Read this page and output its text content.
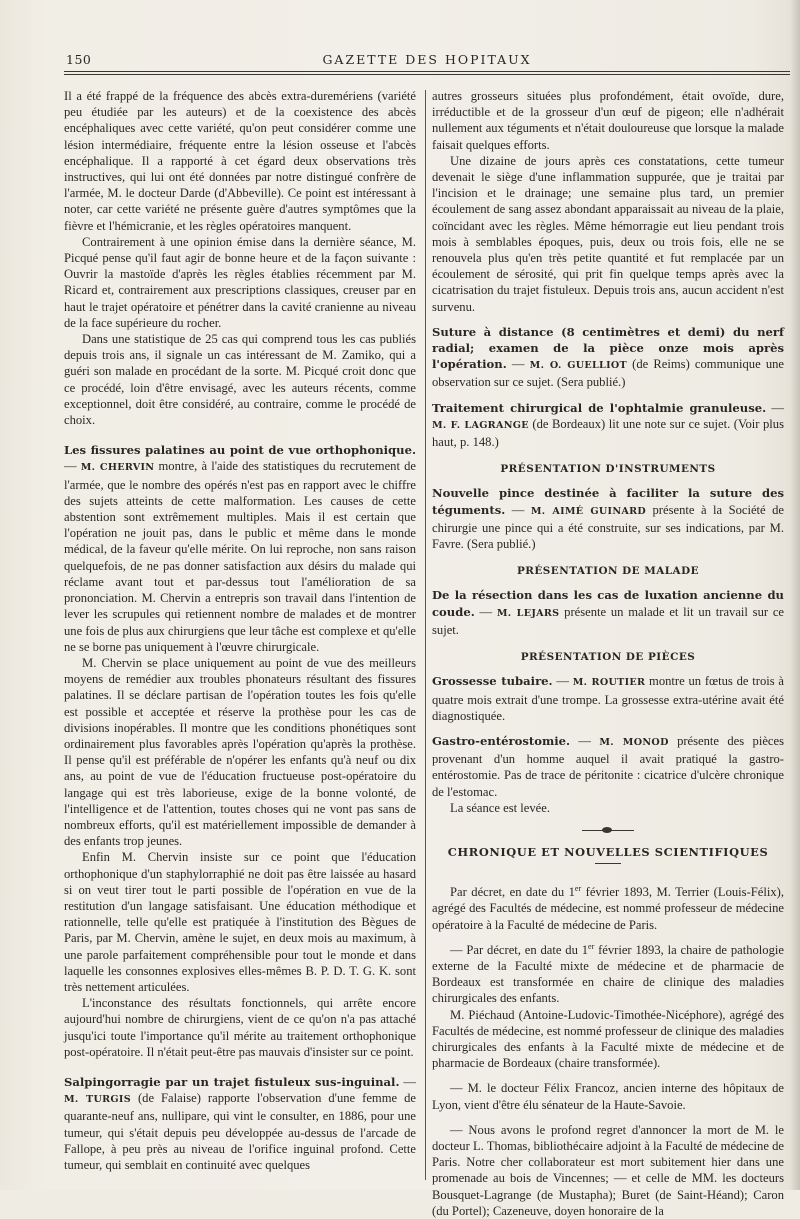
150	GAZETTE DES HOPITAUX

Il a été frappé de la fréquence des abcès extra-duremériens (variété peu étudiée par les auteurs) et de la coexistence des abcès encéphaliques avec cette variété, qu'on peut considérer comme une lésion intermédiaire, fréquente entre la lésion osseuse et l'abcès encéphalique. Il a rapporté à cet égard deux observations très instructives, qui lui ont été données par notre distingué confrère de l'armée, M. le docteur Darde (d'Abbeville). Ce point est intéressant à noter, car cette variété ne présente guère d'autres symptômes que la fièvre et l'hémicranie, et les règles opératoires manquent.

Contrairement à une opinion émise dans la dernière séance, M. Picqué pense qu'il faut agir de bonne heure et de la façon suivante : Ouvrir la mastoïde d'après les règles établies récemment par M. Ricard et, contrairement aux prescriptions classiques, creuser par en haut le trajet opératoire et pénétrer dans la cavité cranienne au niveau de la face supérieure du rocher.

Dans une statistique de 25 cas qui comprend tous les cas publiés depuis trois ans, il signale un cas intéressant de M. Zamiko, qui a guéri son malade en procédant de la sorte. M. Picqué croit donc que ce procédé, loin d'être envisagé, avec les auteurs récents, comme exceptionnel, doit être considéré, au contraire, comme le procédé de choix.

Les fissures palatines au point de vue orthophonique. — M. CHERVIN montre, à l'aide des statistiques du recrutement de l'armée, que le nombre des opérés n'est pas en rapport avec le chiffre des sujets atteints de cette malformation. Les causes de cette abstention sont extrêmement multiples. Mais il est certain que l'opération ne jouit pas, dans le public et même dans le monde médical, de la faveur qu'elle mérite. On lui reproche, non sans raison quelquefois, de ne pas donner satisfaction aux désirs du malade qui réclame avant tout et par-dessus tout l'amélioration de sa prononciation. M. Chervin a entrepris son travail dans l'intention de lever les scrupules qui retiennent nombre de malades et de montrer une fois de plus aux chirurgiens que leur tâche est complexe et qu'elle ne se borne pas uniquement à l'œuvre chirurgicale.

M. Chervin se place uniquement au point de vue des meilleurs moyens de remédier aux troubles phonateurs résultant des fissures palatines. Il se déclare partisan de l'opération toutes les fois qu'elle est possible et acceptée et réserve la prothèse pour les cas de divisions inopérables. Il montre que les conditions phonétiques sont ordinairement plus favorables après l'opération qu'après la prothèse. Il pense qu'il est préférable de n'opérer les enfants qu'à neuf ou dix ans, au point de vue de l'éducation fructueuse post-opératoire du langage qui est très laborieuse, exige de la bonne volonté, de l'intelligence et de l'attention, toutes choses qui ne vont pas sans de nombreux efforts, qu'il est matériellement impossible de demander à des enfants trop jeunes.

Enfin M. Chervin insiste sur ce point que l'éducation orthophonique d'un staphylorraphié ne doit pas être laissée au hasard si on veut tirer tout le parti possible de l'opération en vue de la restitution d'un langage satisfaisant. Une éducation méthodique et rationnelle, telle qu'elle est pratiquée à l'institution des Bègues de Paris, par M. Chervin, amène le sujet, en deux mois au maximum, à une parole parfaitement compréhensible pour tout le monde et dans laquelle les consonnes explosives elles-mêmes B. P. D. T. G. K. sont très nettement articulées.

L'inconstance des résultats fonctionnels, qui arrête encore aujourd'hui nombre de chirurgiens, vient de ce qu'on n'a pas attaché jusqu'ici toute l'importance qu'il mérite au traitement orthophonique post-opératoire. Il n'était peut-être pas mauvais d'insister sur ce point.

Salpingorragie par un trajet fistuleux sus-inguinal. — M. TURGIS (de Falaise) rapporte l'observation d'une femme de quarante-neuf ans, nullipare, qui vint le consulter, en 1886, pour une tumeur, qui s'était depuis peu développée au-dessus de l'arcade de Fallope, à peu près au niveau de l'orifice inguinal profond. Cette tumeur, qui semblait en continuité avec quelques

autres grosseurs situées plus profondément, était ovoïde, dure, irréductible et de la grosseur d'un œuf de pigeon; elle n'adhérait nullement aux téguments et n'était douloureuse que lorsque la malade faisait quelques efforts.

Une dizaine de jours après ces constatations, cette tumeur devenait le siège d'une inflammation suppurée, que je traitai par l'incision et le drainage; une semaine plus tard, un premier écoulement de sang assez abondant apparaissait au niveau de la plaie, coïncidant avec les règles. Même hémorragie eut lieu pendant trois mois à semblables époques, puis, deux ou trois fois, elle ne se renouvela plus qu'en très petite quantité et fut remplacée par un écoulement de sérosité, qui prit fin quelque temps après avec la cicatrisation du trajet fistuleux. Depuis trois ans, aucun accident n'est survenu.

Suture à distance (8 centimètres et demi) du nerf radial; examen de la pièce onze mois après l'opération. — M. O. GUELLIOT (de Reims) communique une observation sur ce sujet. (Sera publié.)

Traitement chirurgical de l'ophtalmie granuleuse. — M. F. LAGRANGE (de Bordeaux) lit une note sur ce sujet. (Voir plus haut, p. 148.)

PRÉSENTATION D'INSTRUMENTS

Nouvelle pince destinée à faciliter la suture des téguments. — M. AIMÉ GUINARD présente à la Société de chirurgie une pince qui a été construite, sur ses indications, par M. Favre. (Sera publié.)

PRÉSENTATION DE MALADE

De la résection dans les cas de luxation ancienne du coude. — M. LEJARS présente un malade et lit un travail sur ce sujet.

PRÉSENTATION DE PIÈCES

Grossesse tubaire. — M. ROUTIER montre un fœtus de trois à quatre mois extrait d'une trompe. La grossesse extra-utérine avait été diagnostiquée.

Gastro-entérostomie. — M. MONOD présente des pièces provenant d'un homme auquel il avait pratiqué la gastro-entérostomie. Pas de trace de péritonite : cicatrice d'ulcère chronique de l'estomac.

La séance est levée.

CHRONIQUE ET NOUVELLES SCIENTIFIQUES

Par décret, en date du 1er février 1893, M. Terrier (Louis-Félix), agrégé des Facultés de médecine, est nommé professeur de médecine opératoire à la Faculté de médecine de Paris.

— Par décret, en date du 1er février 1893, la chaire de pathologie externe de la Faculté mixte de médecine et de pharmacie de Bordeaux est transformée en chaire de clinique des maladies chirurgicales des enfants.

M. Piéchaud (Antoine-Ludovic-Timothée-Nicéphore), agrégé des Facultés de médecine, est nommé professeur de clinique des maladies chirurgicales des enfants à la Faculté mixte de médecine et de pharmacie de Bordeaux (chaire transformée).

— M. le docteur Félix Francoz, ancien interne des hôpitaux de Lyon, vient d'être élu sénateur de la Haute-Savoie.

— Nous avons le profond regret d'annoncer la mort de M. le docteur L. Thomas, bibliothécaire adjoint à la Faculté de médecine de Paris. Notre cher collaborateur est mort subitement hier dans une promenade au bois de Vincennes; — et celle de MM. les docteurs Bousquet-Lagrange (de Mustapha); Buret (de Saint-Héand); Caron (du Portel); Cazeneuve, doyen honoraire de la
